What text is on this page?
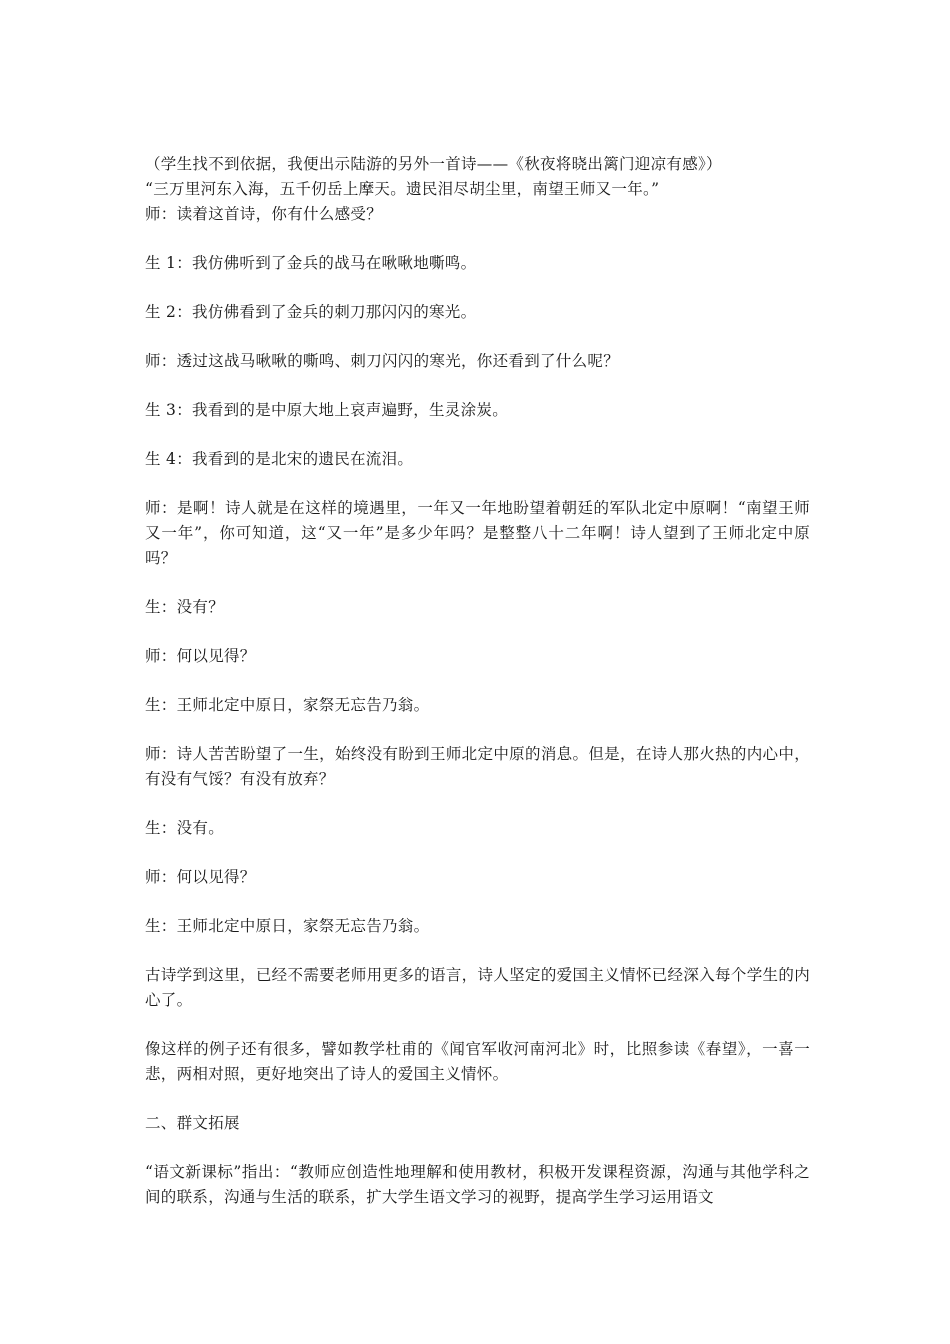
（学生找不到依据，我便出示陆游的另外一首诗——《秋夜将晓出篱门迎凉有感》）

“三万里河东入海，五千仞岳上摩天。遗民泪尽胡尘里，南望王师又一年。”

师：读着这首诗，你有什么感受？

生 1：我仿佛听到了金兵的战马在啾啾地嘶鸣。

生 2：我仿佛看到了金兵的刺刀那闪闪的寒光。

师：透过这战马啾啾的嘶鸣、刺刀闪闪的寒光，你还看到了什么呢？

生 3：我看到的是中原大地上哀声遍野，生灵涂炭。

生 4：我看到的是北宋的遗民在流泪。

师：是啊！诗人就是在这样的境遇里，一年又一年地盼望着朝廷的军队北定中原啊！“南望王师又一年”，你可知道，这“又一年”是多少年吗？是整整八十二年啊！诗人望到了王师北定中原吗？

生：没有？

师：何以见得？

生：王师北定中原日，家祭无忘告乃翁。

师：诗人苦苦盼望了一生，始终没有盼到王师北定中原的消息。但是，在诗人那火热的内心中，有没有气馁？有没有放弃？

生：没有。

师：何以见得？

生：王师北定中原日，家祭无忘告乃翁。

古诗学到这里，已经不需要老师用更多的语言，诗人坚定的爱国主义情怀已经深入每个学生的内心了。

像这样的例子还有很多，譬如教学杜甫的《闻官军收河南河北》时，比照参读《春望》，一喜一悲，两相对照，更好地突出了诗人的爱国主义情怀。

二、群文拓展

“语文新课标”指出：“教师应创造性地理解和使用教材，积极开发课程资源，沟通与其他学科之间的联系，沟通与生活的联系，扩大学生语文学习的视野，提高学生学习运用语文
